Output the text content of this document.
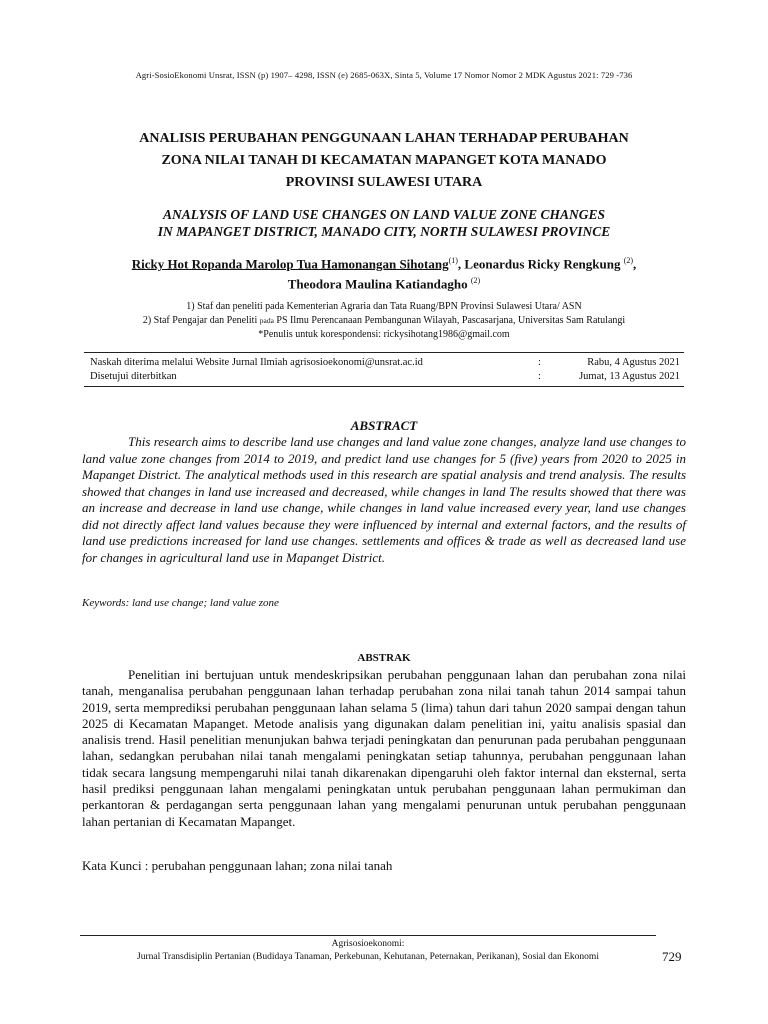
Agri-SosioEkonomi Unsrat, ISSN (p) 1907– 4298, ISSN (e) 2685-063X, Sinta 5, Volume 17 Nomor Nomor 2 MDK Agustus 2021: 729 -736
ANALISIS PERUBAHAN PENGGUNAAN LAHAN TERHADAP PERUBAHAN
ZONA NILAI TANAH DI KECAMATAN MAPANGET KOTA MANADO
PROVINSI SULAWESI UTARA
ANALYSIS OF LAND USE CHANGES ON LAND VALUE ZONE CHANGES
IN MAPANGET DISTRICT, MANADO CITY, NORTH SULAWESI PROVINCE
Ricky Hot Ropanda Marolop Tua Hamonangan Sihotang$^{(1)}$, Leonardus Ricky Rengkung $^{(2)}$,
Theodora Maulina Katiandagho $^{(2)}$
1) Staf dan peneliti pada Kementerian Agraria dan Tata Ruang/BPN Provinsi Sulawesi Utara/ ASN
2) Staf Pengajar dan Peneliti pada PS Ilmu Perencanaan Pembangunan Wilayah, Pascasarjana, Universitas Sam Ratulangi
*Penulis untuk korespondensi: rickysihotang1986@gmail.com
Naskah diterima melalui Website Jurnal Ilmiah agrisosioekonomi@unsrat.ac.id	:	Rabu, 4 Agustus 2021
Disetujui diterbitkan	:	Jumat, 13 Agustus 2021
ABSTRACT
This research aims to describe land use changes and land value zone changes, analyze land use changes to land value zone changes from 2014 to 2019, and predict land use changes for 5 (five) years from 2020 to 2025 in Mapanget District. The analytical methods used in this research are spatial analysis and trend analysis. The results showed that changes in land use increased and decreased, while changes in land The results showed that there was an increase and decrease in land use change, while changes in land value increased every year, land use changes did not directly affect land values because they were influenced by internal and external factors, and the results of land use predictions increased for land use changes. settlements and offices & trade as well as decreased land use for changes in agricultural land use in Mapanget District.
Keywords: land use change; land value zone
ABSTRAK
Penelitian ini bertujuan untuk mendeskripsikan perubahan penggunaan lahan dan perubahan zona nilai tanah, menganalisa perubahan penggunaan lahan terhadap perubahan zona nilai tanah tahun 2014 sampai tahun 2019, serta memprediksi perubahan penggunaan lahan selama 5 (lima) tahun dari tahun 2020 sampai dengan tahun 2025 di Kecamatan Mapanget. Metode analisis yang digunakan dalam penelitian ini, yaitu analisis spasial dan analisis trend. Hasil penelitian menunjukan bahwa terjadi peningkatan dan penurunan pada perubahan penggunaan lahan, sedangkan perubahan nilai tanah mengalami peningkatan setiap tahunnya, perubahan penggunaan lahan tidak secara langsung mempengaruhi nilai tanah dikarenakan dipengaruhi oleh faktor internal dan eksternal, serta hasil prediksi penggunaan lahan mengalami peningkatan untuk perubahan penggunaan lahan permukiman dan perkantoran & perdagangan serta penggunaan lahan yang mengalami penurunan untuk perubahan penggunaan lahan pertanian di Kecamatan Mapanget.
Kata Kunci : perubahan penggunaan lahan; zona nilai tanah
Agrisosioekonomi:
Jurnal Transdisiplin Pertanian (Budidaya Tanaman, Perkebunan, Kehutanan, Peternakan, Perikanan), Sosial dan Ekonomi	729
